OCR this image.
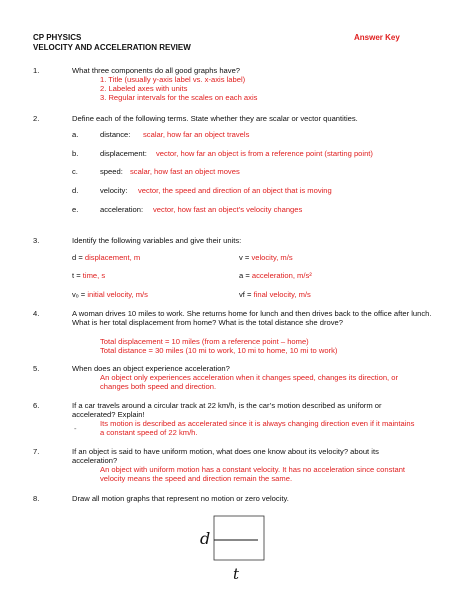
CP PHYSICS
VELOCITY AND ACCELERATION REVIEW
Answer Key
1.	What three components do all good graphs have?
1. Title (usually y-axis label vs. x-axis label)
2. Labeled axes with units
3. Regular intervals for the scales on each axis
2.	Define each of the following terms. State whether they are scalar or vector quantities.
a.	distance: scalar, how far an object travels
b.	displacement: vector, how far an object is from a reference point (starting point)
c.	speed: scalar, how fast an object moves
d.	velocity: vector, the speed and direction of an object that is moving
e.	acceleration: vector, how fast an object’s velocity changes
3.	Identify the following variables and give their units:
d = displacement, m	v = velocity, m/s
t = time, s	a = acceleration, m/s²
vₒ = initial velocity, m/s	vf = final velocity, m/s
4.	A woman drives 10 miles to work. She returns home for lunch and then drives back to the office after lunch. What is her total displacement from home? What is the total distance she drove?
Total displacement = 10 miles (from a reference point – home)
Total distance = 30 miles (10 mi to work, 10 mi to home, 10 mi to work)
5.	When does an object experience acceleration?
An object only experiences acceleration when it changes speed, changes its direction, or changes both speed and direction.
6.	If a car travels around a circular track at 22 km/h, is the car’s motion described as uniform or accelerated? Explain!
-
Its motion is described as accelerated since it is always changing direction even if it maintains a constant speed of 22 km/h.
7.	If an object is said to have uniform motion, what does one know about its velocity? about its acceleration?
An object with uniform motion has a constant velocity. It has no acceleration since constant velocity means the speed and direction remain the same.
8.	Draw all motion graphs that represent no motion or zero velocity.
d
t
